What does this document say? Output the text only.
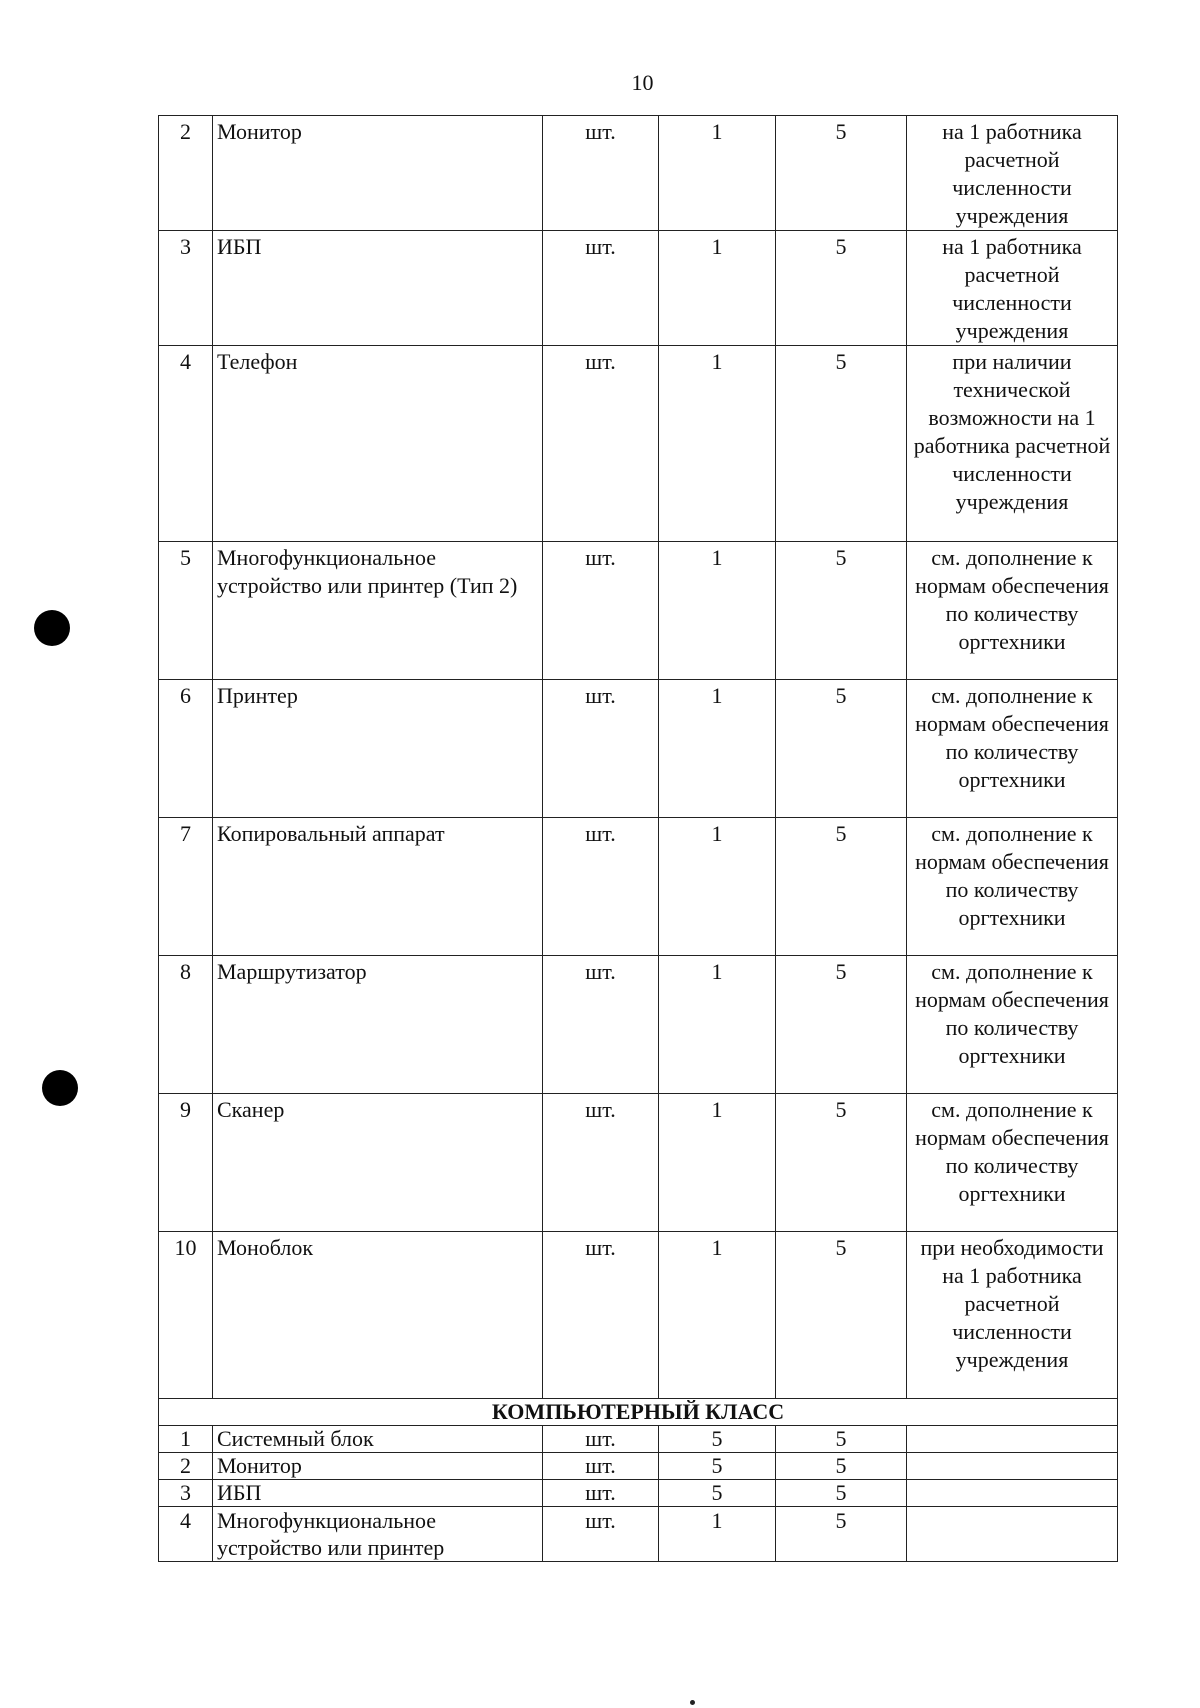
10
2	Монитор	шт.	1	5	на 1 работника расчетной численности учреждения
3	ИБП	шт.	1	5	на 1 работника расчетной численности учреждения
4	Телефон	шт.	1	5	при наличии технической возможности на 1 работника расчетной численности учреждения
5	Многофункциональное устройство или принтер (Тип 2)	шт.	1	5	см. дополнение к нормам обеспечения по количеству оргтехники
6	Принтер	шт.	1	5	см. дополнение к нормам обеспечения по количеству оргтехники
7	Копировальный аппарат	шт.	1	5	см. дополнение к нормам обеспечения по количеству оргтехники
8	Маршрутизатор	шт.	1	5	см. дополнение к нормам обеспечения по количеству оргтехники
9	Сканер	шт.	1	5	см. дополнение к нормам обеспечения по количеству оргтехники
10	Моноблок	шт.	1	5	при необходимости на 1 работника расчетной численности учреждения
КОМПЬЮТЕРНЫЙ КЛАСС					
1	Системный блок	шт.	5	5	
2	Монитор	шт.	5	5	
3	ИБП	шт.	5	5	
4	Многофункциональное устройство или принтер	шт.	1	5	
